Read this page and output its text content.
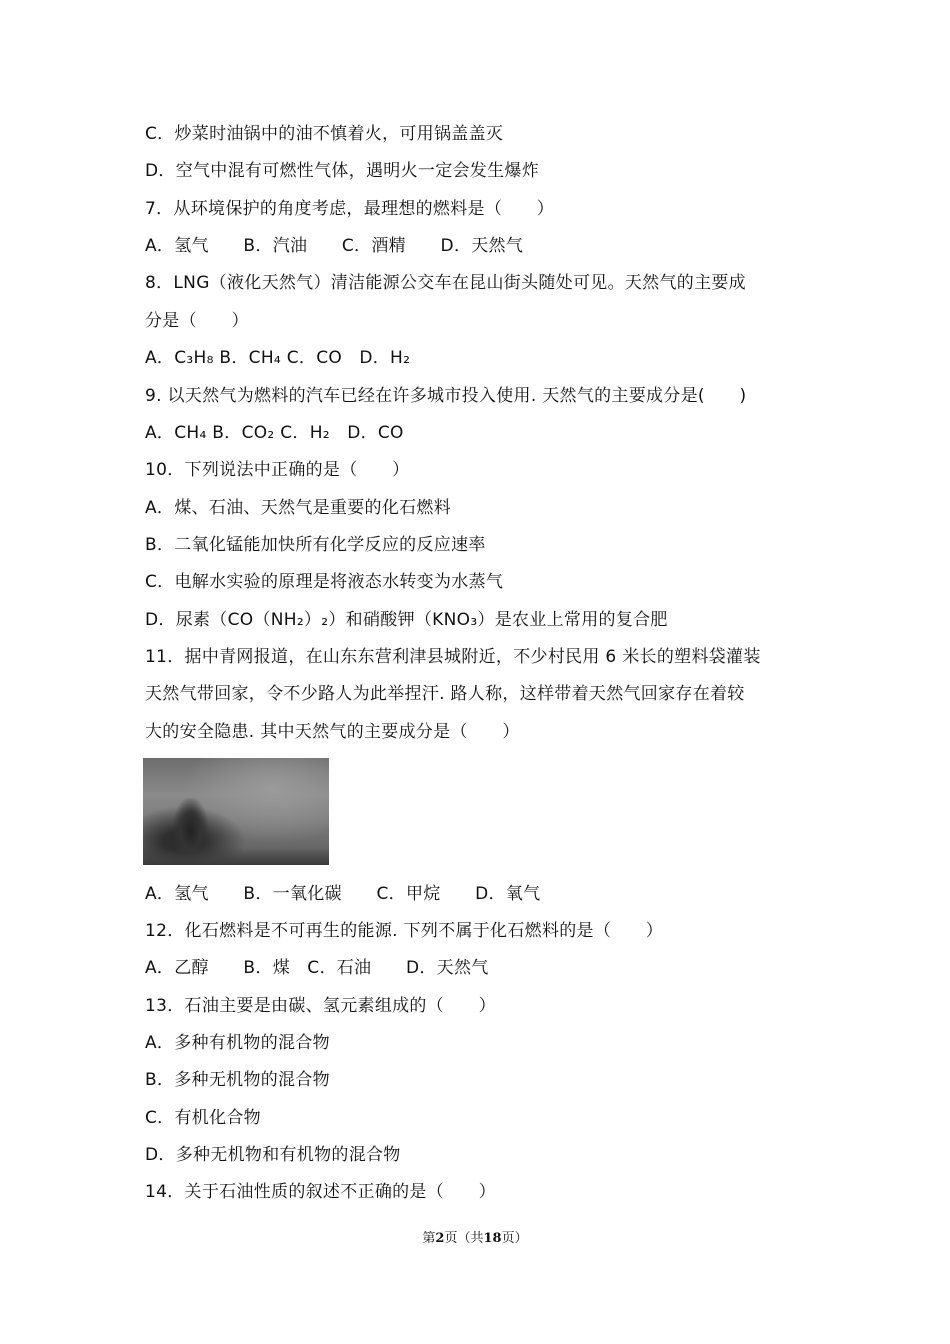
C．炒菜时油锅中的油不慎着火，可用锅盖盖灭
D．空气中混有可燃性气体，遇明火一定会发生爆炸
7．从环境保护的角度考虑，最理想的燃料是（　　）
A．氢气　　B．汽油　　C．酒精　　D．天然气
8．LNG（液化天然气）清洁能源公交车在昆山街头随处可见。天然气的主要成
分是（　　）
A．C₃H₈ B．CH₄ C．CO　D．H₂
9. 以天然气为燃料的汽车已经在许多城市投入使用. 天然气的主要成分是(　　)
A．CH₄ B．CO₂ C．H₂　D．CO
10．下列说法中正确的是（　　）
A．煤、石油、天然气是重要的化石燃料
B．二氧化锰能加快所有化学反应的反应速率
C．电解水实验的原理是将液态水转变为水蒸气
D．尿素（CO（NH₂）₂）和硝酸钾（KNO₃）是农业上常用的复合肥
11．据中青网报道，在山东东营利津县城附近，不少村民用 6 米长的塑料袋灌装
天然气带回家，令不少路人为此举捏汗. 路人称，这样带着天然气回家存在着较
大的安全隐患. 其中天然气的主要成分是（　　）
A．氢气　　B．一氧化碳　　C．甲烷　　D．氧气
12．化石燃料是不可再生的能源. 下列不属于化石燃料的是（　　）
A．乙醇　　B．煤　C．石油　　D．天然气
13．石油主要是由碳、氢元素组成的（　　）
A．多种有机物的混合物
B．多种无机物的混合物
C．有机化合物
D．多种无机物和有机物的混合物
14．关于石油性质的叙述不正确的是（　　）
第2页（共18页）
